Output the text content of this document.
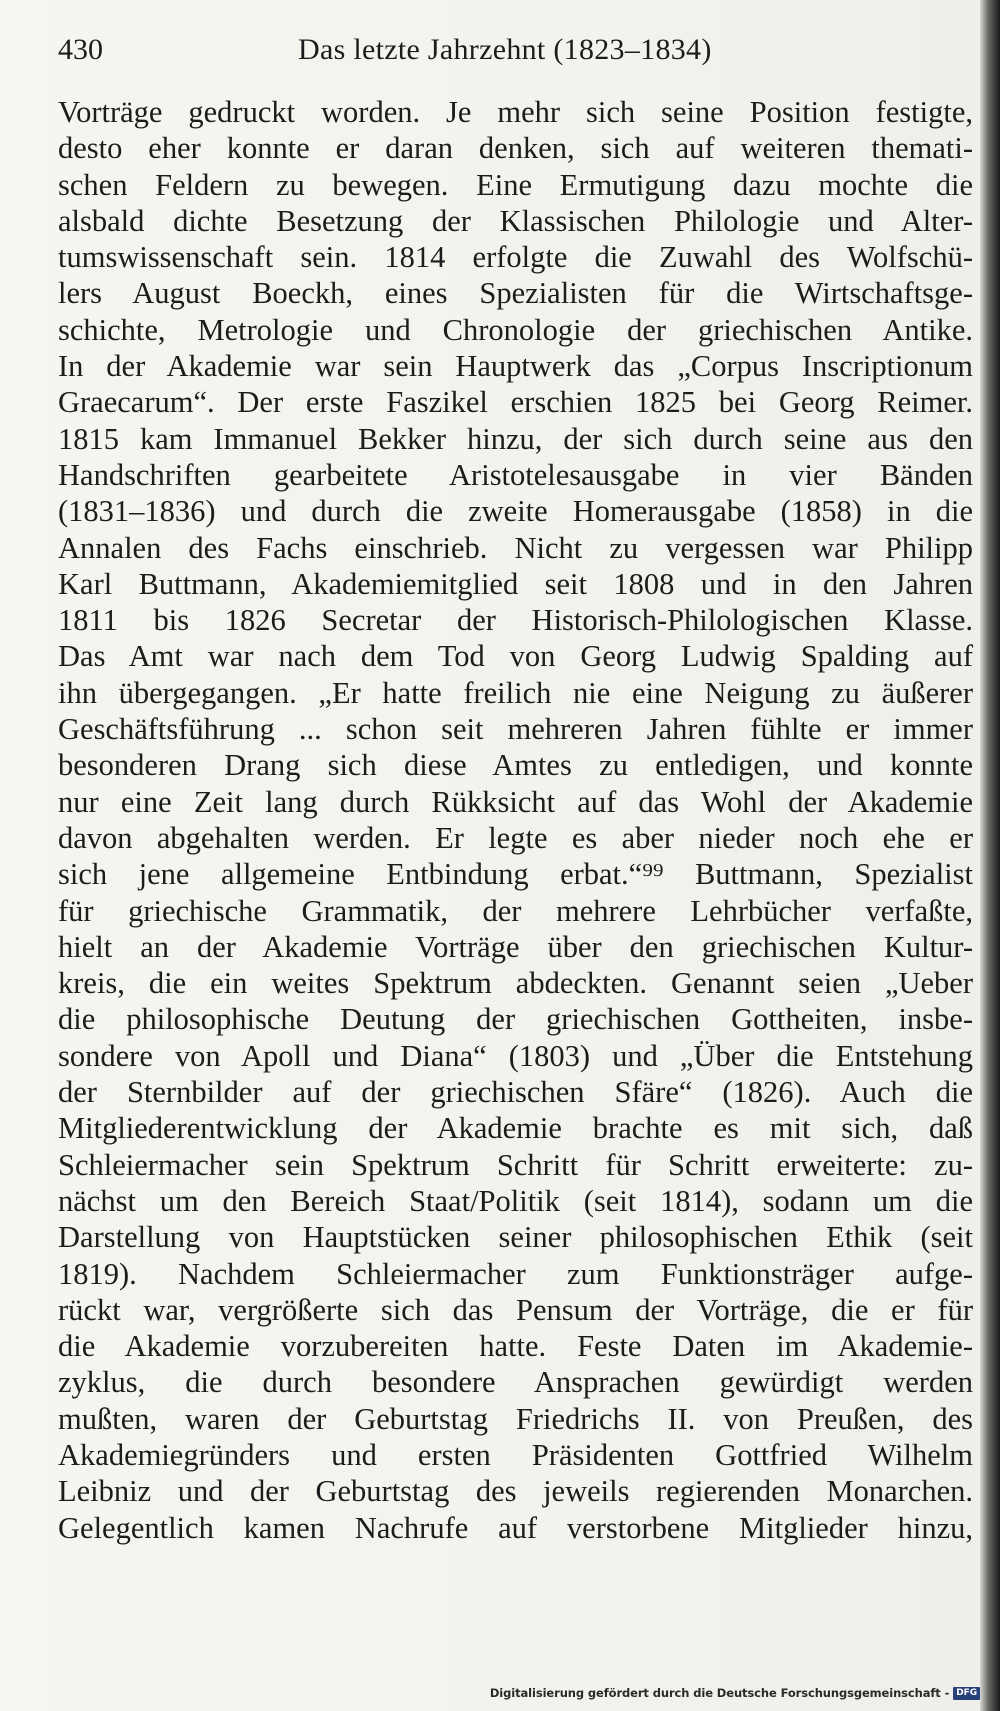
430	Das letzte Jahrzehnt (1823–1834)
Vorträge gedruckt worden. Je mehr sich seine Position festigte,
desto eher konnte er daran denken, sich auf weiteren themati-
schen Feldern zu bewegen. Eine Ermutigung dazu mochte die
alsbald dichte Besetzung der Klassischen Philologie und Alter-
tumswissenschaft sein. 1814 erfolgte die Zuwahl des Wolfschü-
lers August Boeckh, eines Spezialisten für die Wirtschaftsge-
schichte, Metrologie und Chronologie der griechischen Antike.
In der Akademie war sein Hauptwerk das „Corpus Inscriptionum
Graecarum“. Der erste Faszikel erschien 1825 bei Georg Reimer.
1815 kam Immanuel Bekker hinzu, der sich durch seine aus den
Handschriften gearbeitete Aristotelesausgabe in vier Bänden
(1831–1836) und durch die zweite Homerausgabe (1858) in die
Annalen des Fachs einschrieb. Nicht zu vergessen war Philipp
Karl Buttmann, Akademiemitglied seit 1808 und in den Jahren
1811 bis 1826 Secretar der Historisch-Philologischen Klasse.
Das Amt war nach dem Tod von Georg Ludwig Spalding auf
ihn übergegangen. „Er hatte freilich nie eine Neigung zu äußerer
Geschäftsführung ... schon seit mehreren Jahren fühlte er immer
besonderen Drang sich diese Amtes zu entledigen, und konnte
nur eine Zeit lang durch Rükksicht auf das Wohl der Akademie
davon abgehalten werden. Er legte es aber nieder noch ehe er
sich jene allgemeine Entbindung erbat.“⁹⁹ Buttmann, Spezialist
für griechische Grammatik, der mehrere Lehrbücher verfaßte,
hielt an der Akademie Vorträge über den griechischen Kultur-
kreis, die ein weites Spektrum abdeckten. Genannt seien „Ueber
die philosophische Deutung der griechischen Gottheiten, insbe-
sondere von Apoll und Diana“ (1803) und „Über die Entstehung
der Sternbilder auf der griechischen Sfäre“ (1826). Auch die
Mitgliederentwicklung der Akademie brachte es mit sich, daß
Schleiermacher sein Spektrum Schritt für Schritt erweiterte: zu-
nächst um den Bereich Staat/Politik (seit 1814), sodann um die
Darstellung von Hauptstücken seiner philosophischen Ethik (seit
1819). Nachdem Schleiermacher zum Funktionsträger aufge-
rückt war, vergrößerte sich das Pensum der Vorträge, die er für
die Akademie vorzubereiten hatte. Feste Daten im Akademie-
zyklus, die durch besondere Ansprachen gewürdigt werden
mußten, waren der Geburtstag Friedrichs II. von Preußen, des
Akademiegründers und ersten Präsidenten Gottfried Wilhelm
Leibniz und der Geburtstag des jeweils regierenden Monarchen.
Gelegentlich kamen Nachrufe auf verstorbene Mitglieder hinzu,
Digitalisierung gefördert durch die Deutsche Forschungsgemeinschaft - DFG
